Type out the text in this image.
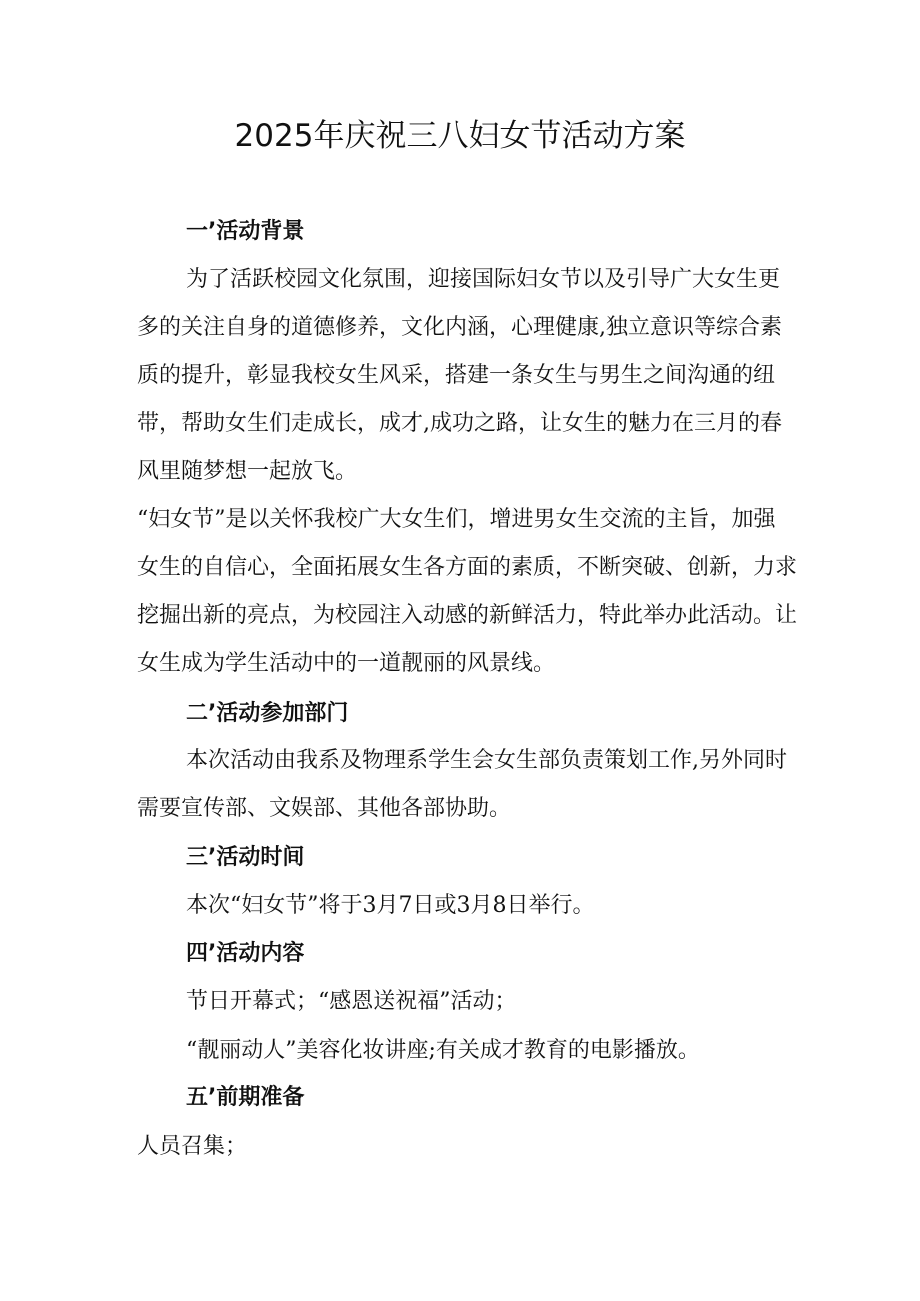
2025年庆祝三八妇女节活动方案
一’活动背景

为了活跃校园文化氛围，迎接国际妇女节以及引导广大女生更多的关注自身的道德修养，文化内涵，心理健康,独立意识等综合素质的提升，彰显我校女生风采，搭建一条女生与男生之间沟通的纽带，帮助女生们走成长，成才,成功之路，让女生的魅力在三月的春风里随梦想一起放飞。

“妇女节”是以关怀我校广大女生们，增进男女生交流的主旨，加强女生的自信心，全面拓展女生各方面的素质，不断突破、创新，力求挖掘出新的亮点，为校园注入动感的新鲜活力，特此举办此活动。让女生成为学生活动中的一道靓丽的风景线。

二’活动参加部门

本次活动由我系及物理系学生会女生部负责策划工作,另外同时需要宣传部、文娱部、其他各部协助。

三’活动时间
本次“妇女节”将于3月7日或3月8日举行。
四’活动内容
节日开幕式；“感恩送祝福”活动；
“靓丽动人”美容化妆讲座;有关成才教育的电影播放。
五’前期准备
人员召集；
